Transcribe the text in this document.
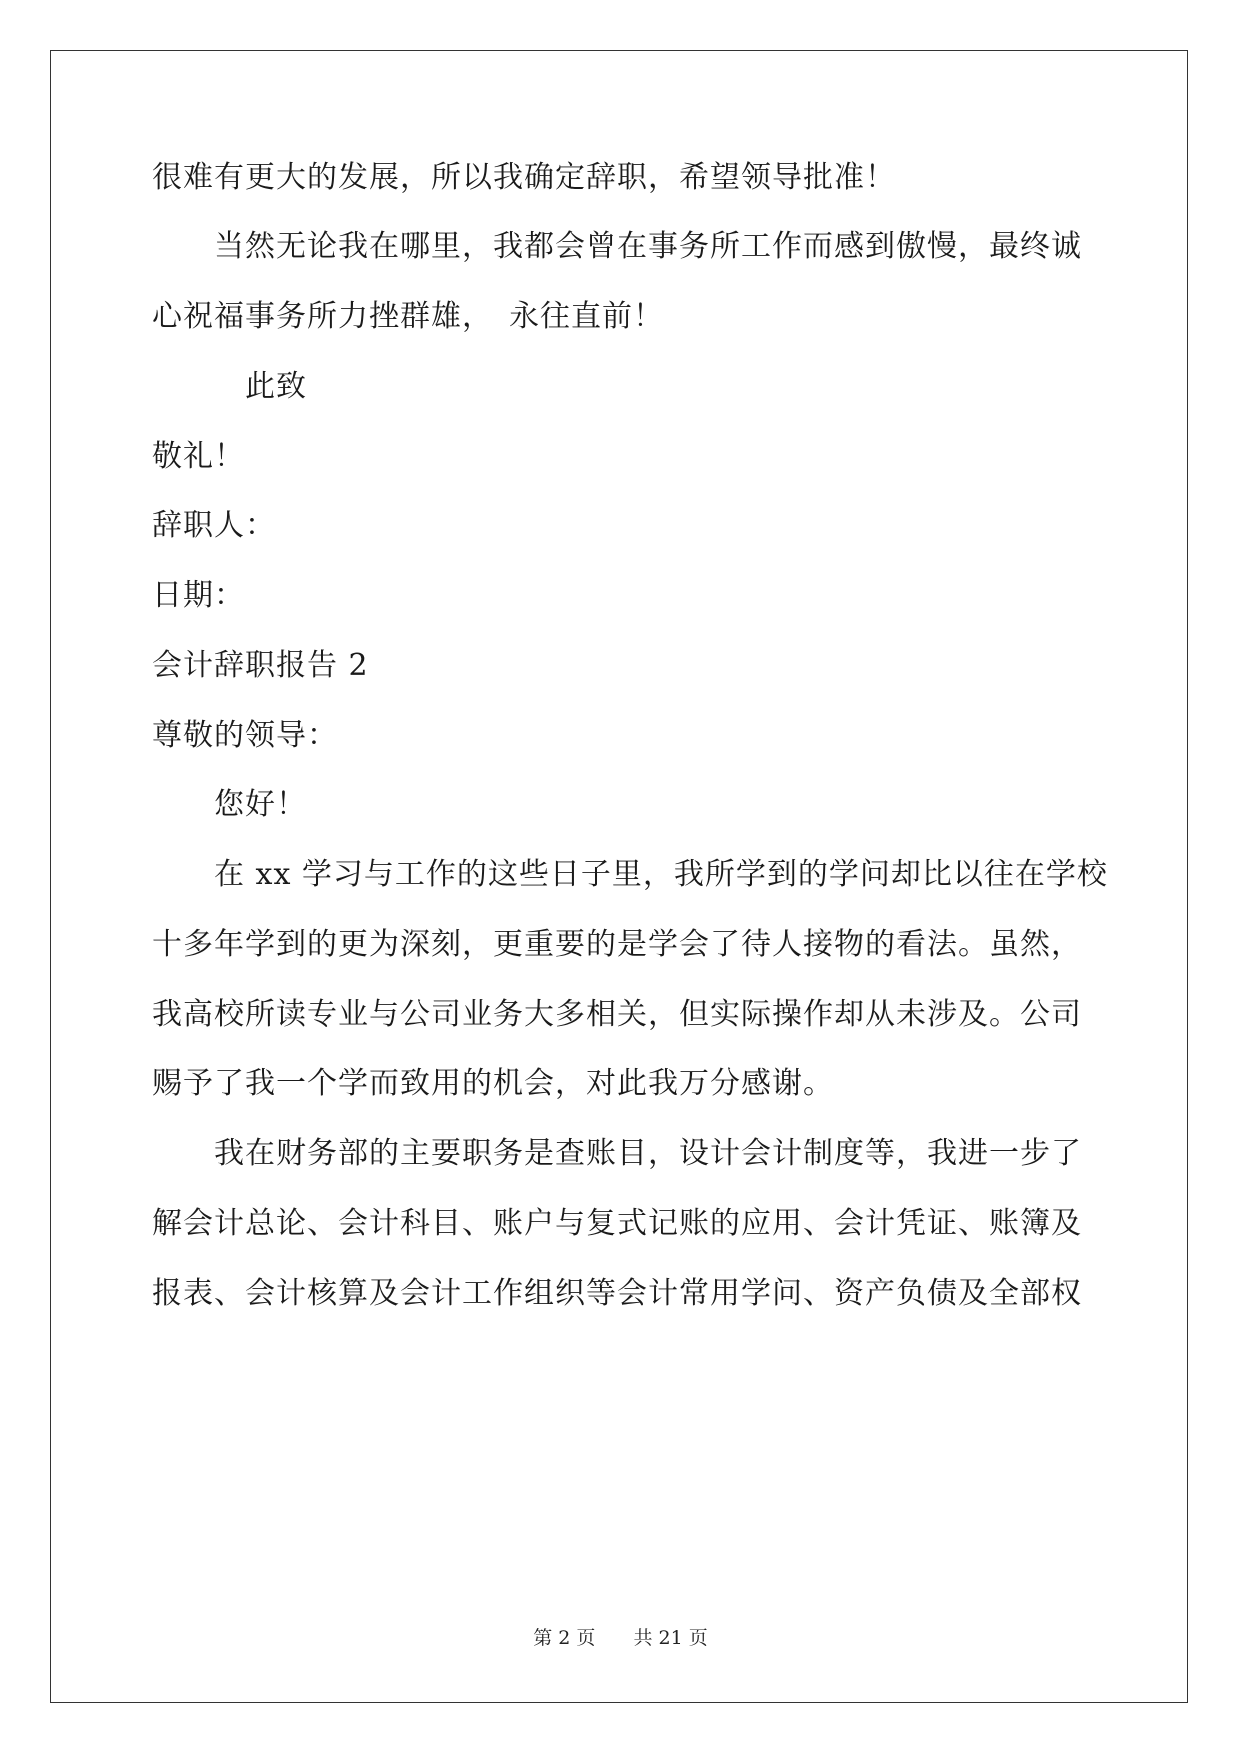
很难有更大的发展，所以我确定辞职，希望领导批准！
当然无论我在哪里，我都会曾在事务所工作而感到傲慢，最终诚
心祝福事务所力挫群雄，　永往直前！
此致
敬礼！
辞职人：
日期：
会计辞职报告 2
尊敬的领导：
您好！
在 xx 学习与工作的这些日子里，我所学到的学问却比以往在学校
十多年学到的更为深刻，更重要的是学会了待人接物的看法。虽然，
我高校所读专业与公司业务大多相关，但实际操作却从未涉及。公司
赐予了我一个学而致用的机会，对此我万分感谢。
我在财务部的主要职务是查账目，设计会计制度等，我进一步了
解会计总论、会计科目、账户与复式记账的应用、会计凭证、账簿及
报表、会计核算及会计工作组织等会计常用学问、资产负债及全部权
第 2 页 共 21 页
